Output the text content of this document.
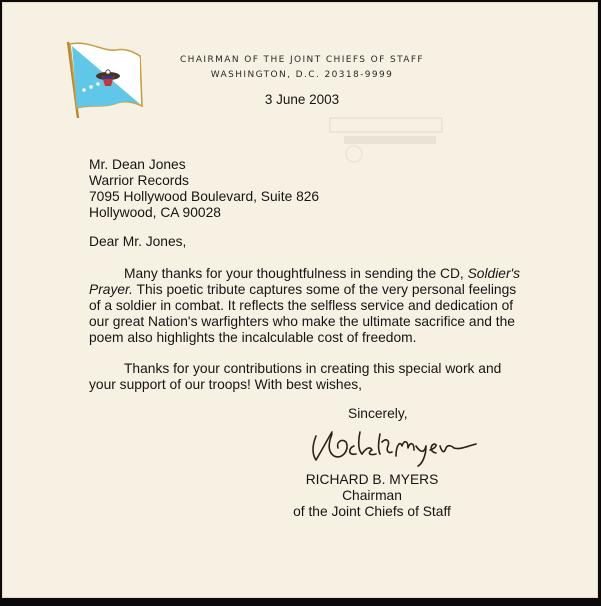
CHAIRMAN OF THE JOINT CHIEFS OF STAFF
WASHINGTON, D.C. 20318-9999
3 June 2003
Mr. Dean Jones
Warrior Records
7095 Hollywood Boulevard, Suite 826
Hollywood, CA 90028
Dear Mr. Jones,
Many thanks for your thoughtfulness in sending the CD, Soldier's
Prayer. This poetic tribute captures some of the very personal feelings
of a soldier in combat. It reflects the selfless service and dedication of
our great Nation's warfighters who make the ultimate sacrifice and the
poem also highlights the incalculable cost of freedom.
Thanks for your contributions in creating this special work and
your support of our troops! With best wishes,
Sincerely,
RICHARD B. MYERS
Chairman
of the Joint Chiefs of Staff
